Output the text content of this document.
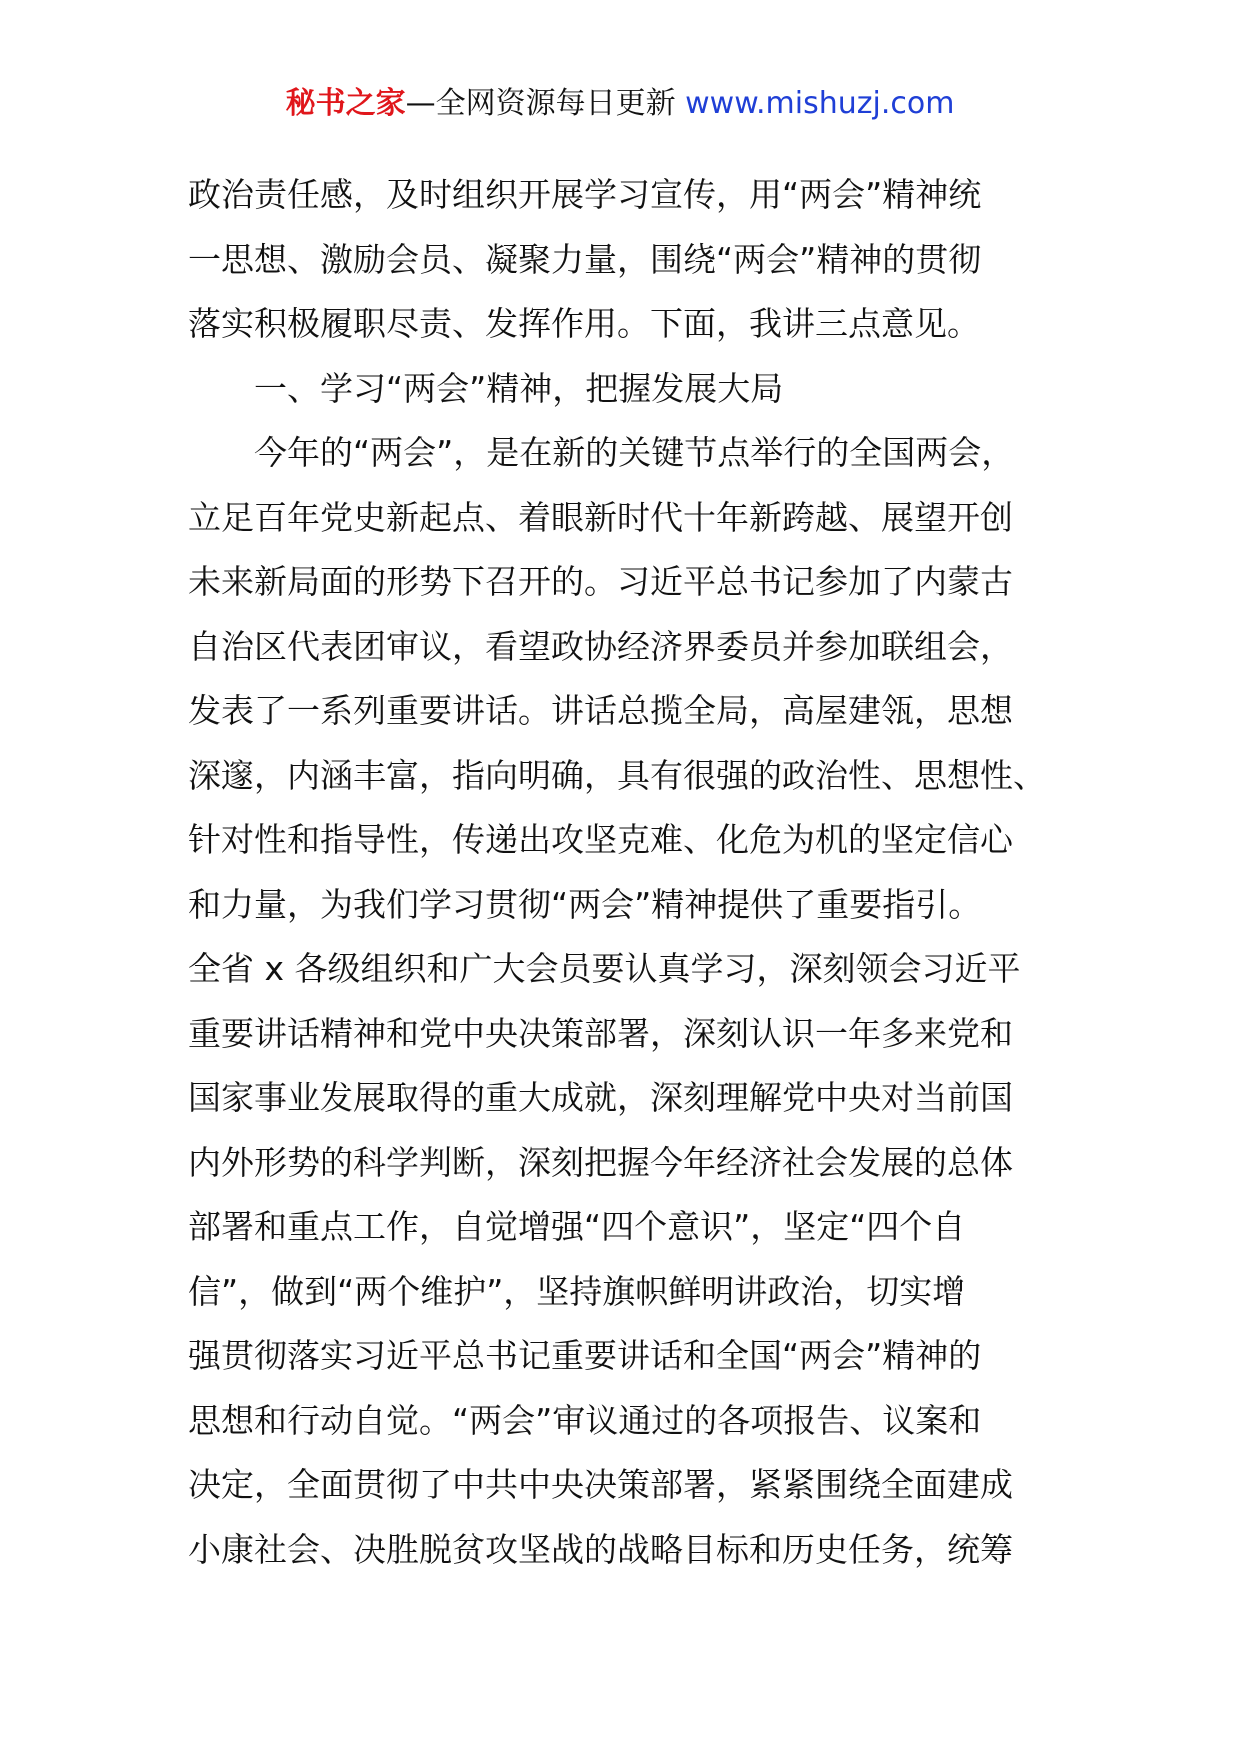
秘书之家—全网资源每日更新 www.mishuzj.com
政治责任感，及时组织开展学习宣传，用“两会”精神统
一思想、激励会员、凝聚力量，围绕“两会”精神的贯彻
落实积极履职尽责、发挥作用。下面，我讲三点意见。
一、学习“两会”精神，把握发展大局
今年的“两会”，是在新的关键节点举行的全国两会，
立足百年党史新起点、着眼新时代十年新跨越、展望开创
未来新局面的形势下召开的。习近平总书记参加了内蒙古
自治区代表团审议，看望政协经济界委员并参加联组会，
发表了一系列重要讲话。讲话总揽全局，高屋建瓴，思想
深邃，内涵丰富，指向明确，具有很强的政治性、思想性、
针对性和指导性，传递出攻坚克难、化危为机的坚定信心
和力量，为我们学习贯彻“两会”精神提供了重要指引。
全省 x 各级组织和广大会员要认真学习，深刻领会习近平
重要讲话精神和党中央决策部署，深刻认识一年多来党和
国家事业发展取得的重大成就，深刻理解党中央对当前国
内外形势的科学判断，深刻把握今年经济社会发展的总体
部署和重点工作，自觉增强“四个意识”，坚定“四个自
信”，做到“两个维护”，坚持旗帜鲜明讲政治，切实增
强贯彻落实习近平总书记重要讲话和全国“两会”精神的
思想和行动自觉。“两会”审议通过的各项报告、议案和
决定，全面贯彻了中共中央决策部署，紧紧围绕全面建成
小康社会、决胜脱贫攻坚战的战略目标和历史任务，统筹
